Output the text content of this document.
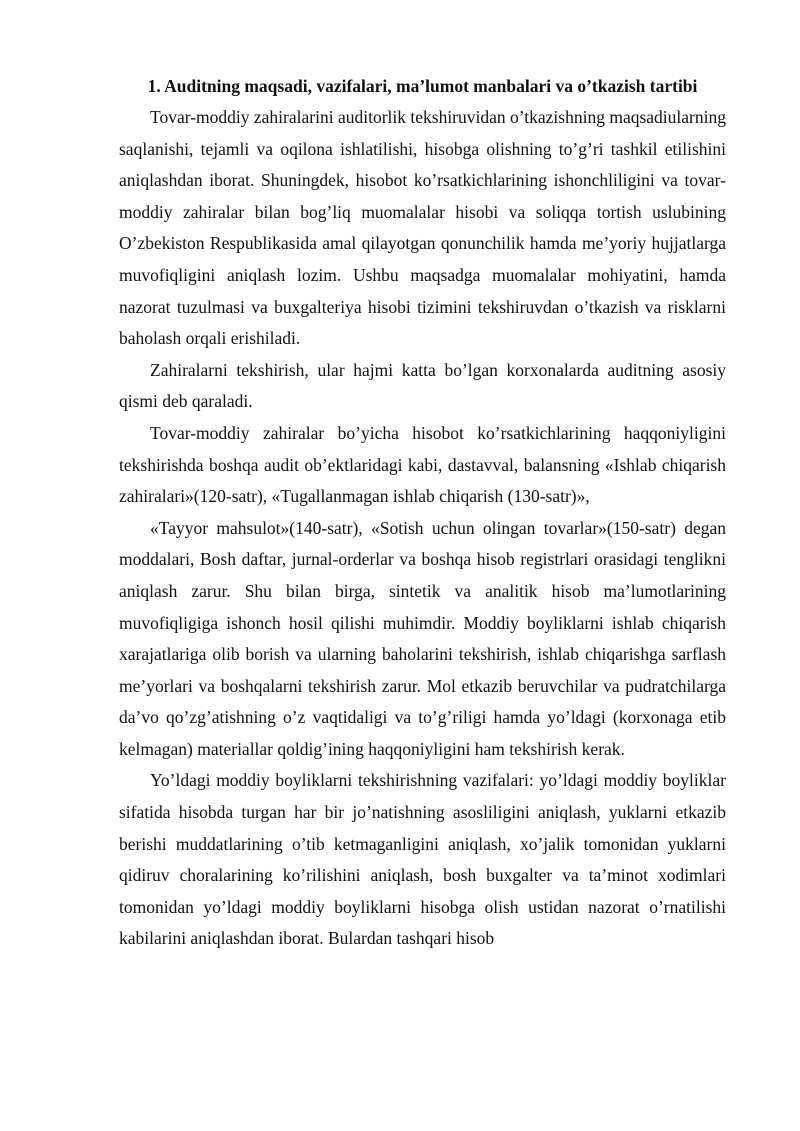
1. Auditning maqsadi, vazifalari, ma’lumot manbalari va o’tkazish tartibi

Tovar-moddiy zahiralarini auditorlik tekshiruvidan o’tkazishning maqsadiularning saqlanishi, tejamli va oqilona ishlatilishi, hisobga olishning to’g’ri tashkil etilishini aniqlashdan iborat. Shuningdek, hisobot ko’rsatkichlarining ishonchliligini va tovar-moddiy zahiralar bilan bog’liq muomalalar hisobi va soliqqa tortish uslubining O’zbekiston Respublikasida amal qilayotgan qonunchilik hamda me’yoriy hujjatlarga muvofiqligini aniqlash lozim. Ushbu maqsadga muomalalar mohiyatini, hamda nazorat tuzulmasi va buxgalteriya hisobi tizimini tekshiruvdan o’tkazish va risklarni baholash orqali erishiladi.

Zahiralarni tekshirish, ular hajmi katta bo’lgan korxonalarda auditning asosiy qismi deb qaraladi.

Tovar-moddiy zahiralar bo’yicha hisobot ko’rsatkichlarining haqqoniyligini tekshirishda boshqa audit ob’ektlaridagi kabi, dastavval, balansning «Ishlab chiqarish zahiralari»(120-satr), «Tugallanmagan ishlab chiqarish (130-satr)»,

«Tayyor mahsulot»(140-satr), «Sotish uchun olingan tovarlar»(150-satr) degan moddalari, Bosh daftar, jurnal-orderlar va boshqa hisob registrlari orasidagi tenglikni aniqlash zarur. Shu bilan birga, sintetik va analitik hisob ma’lumotlarining muvofiqligiga ishonch hosil qilishi muhimdir. Moddiy boyliklarni ishlab chiqarish xarajatlariga olib borish va ularning baholarini tekshirish, ishlab chiqarishga sarflash me’yorlari va boshqalarni tekshirish zarur. Mol etkazib beruvchilar va pudratchilarga da’vo qo’zg’atishning o’z vaqtidaligi va to’g’riligi hamda yo’ldagi (korxonaga etib kelmagan) materiallar qoldig’ining haqqoniyligini ham tekshirish kerak.

Yo’ldagi moddiy boyliklarni tekshirishning vazifalari: yo’ldagi moddiy boyliklar sifatida hisobda turgan har bir jo’natishning asosliligini aniqlash, yuklarni etkazib berishi muddatlarining o’tib ketmaganligini aniqlash, xo’jalik tomonidan yuklarni qidiruv choralarining ko’rilishini aniqlash, bosh buxgalter va ta’minot xodimlari tomonidan yo’ldagi moddiy boyliklarni hisobga olish ustidan nazorat o’rnatilishi kabilarini aniqlashdan iborat. Bulardan tashqari hisob
